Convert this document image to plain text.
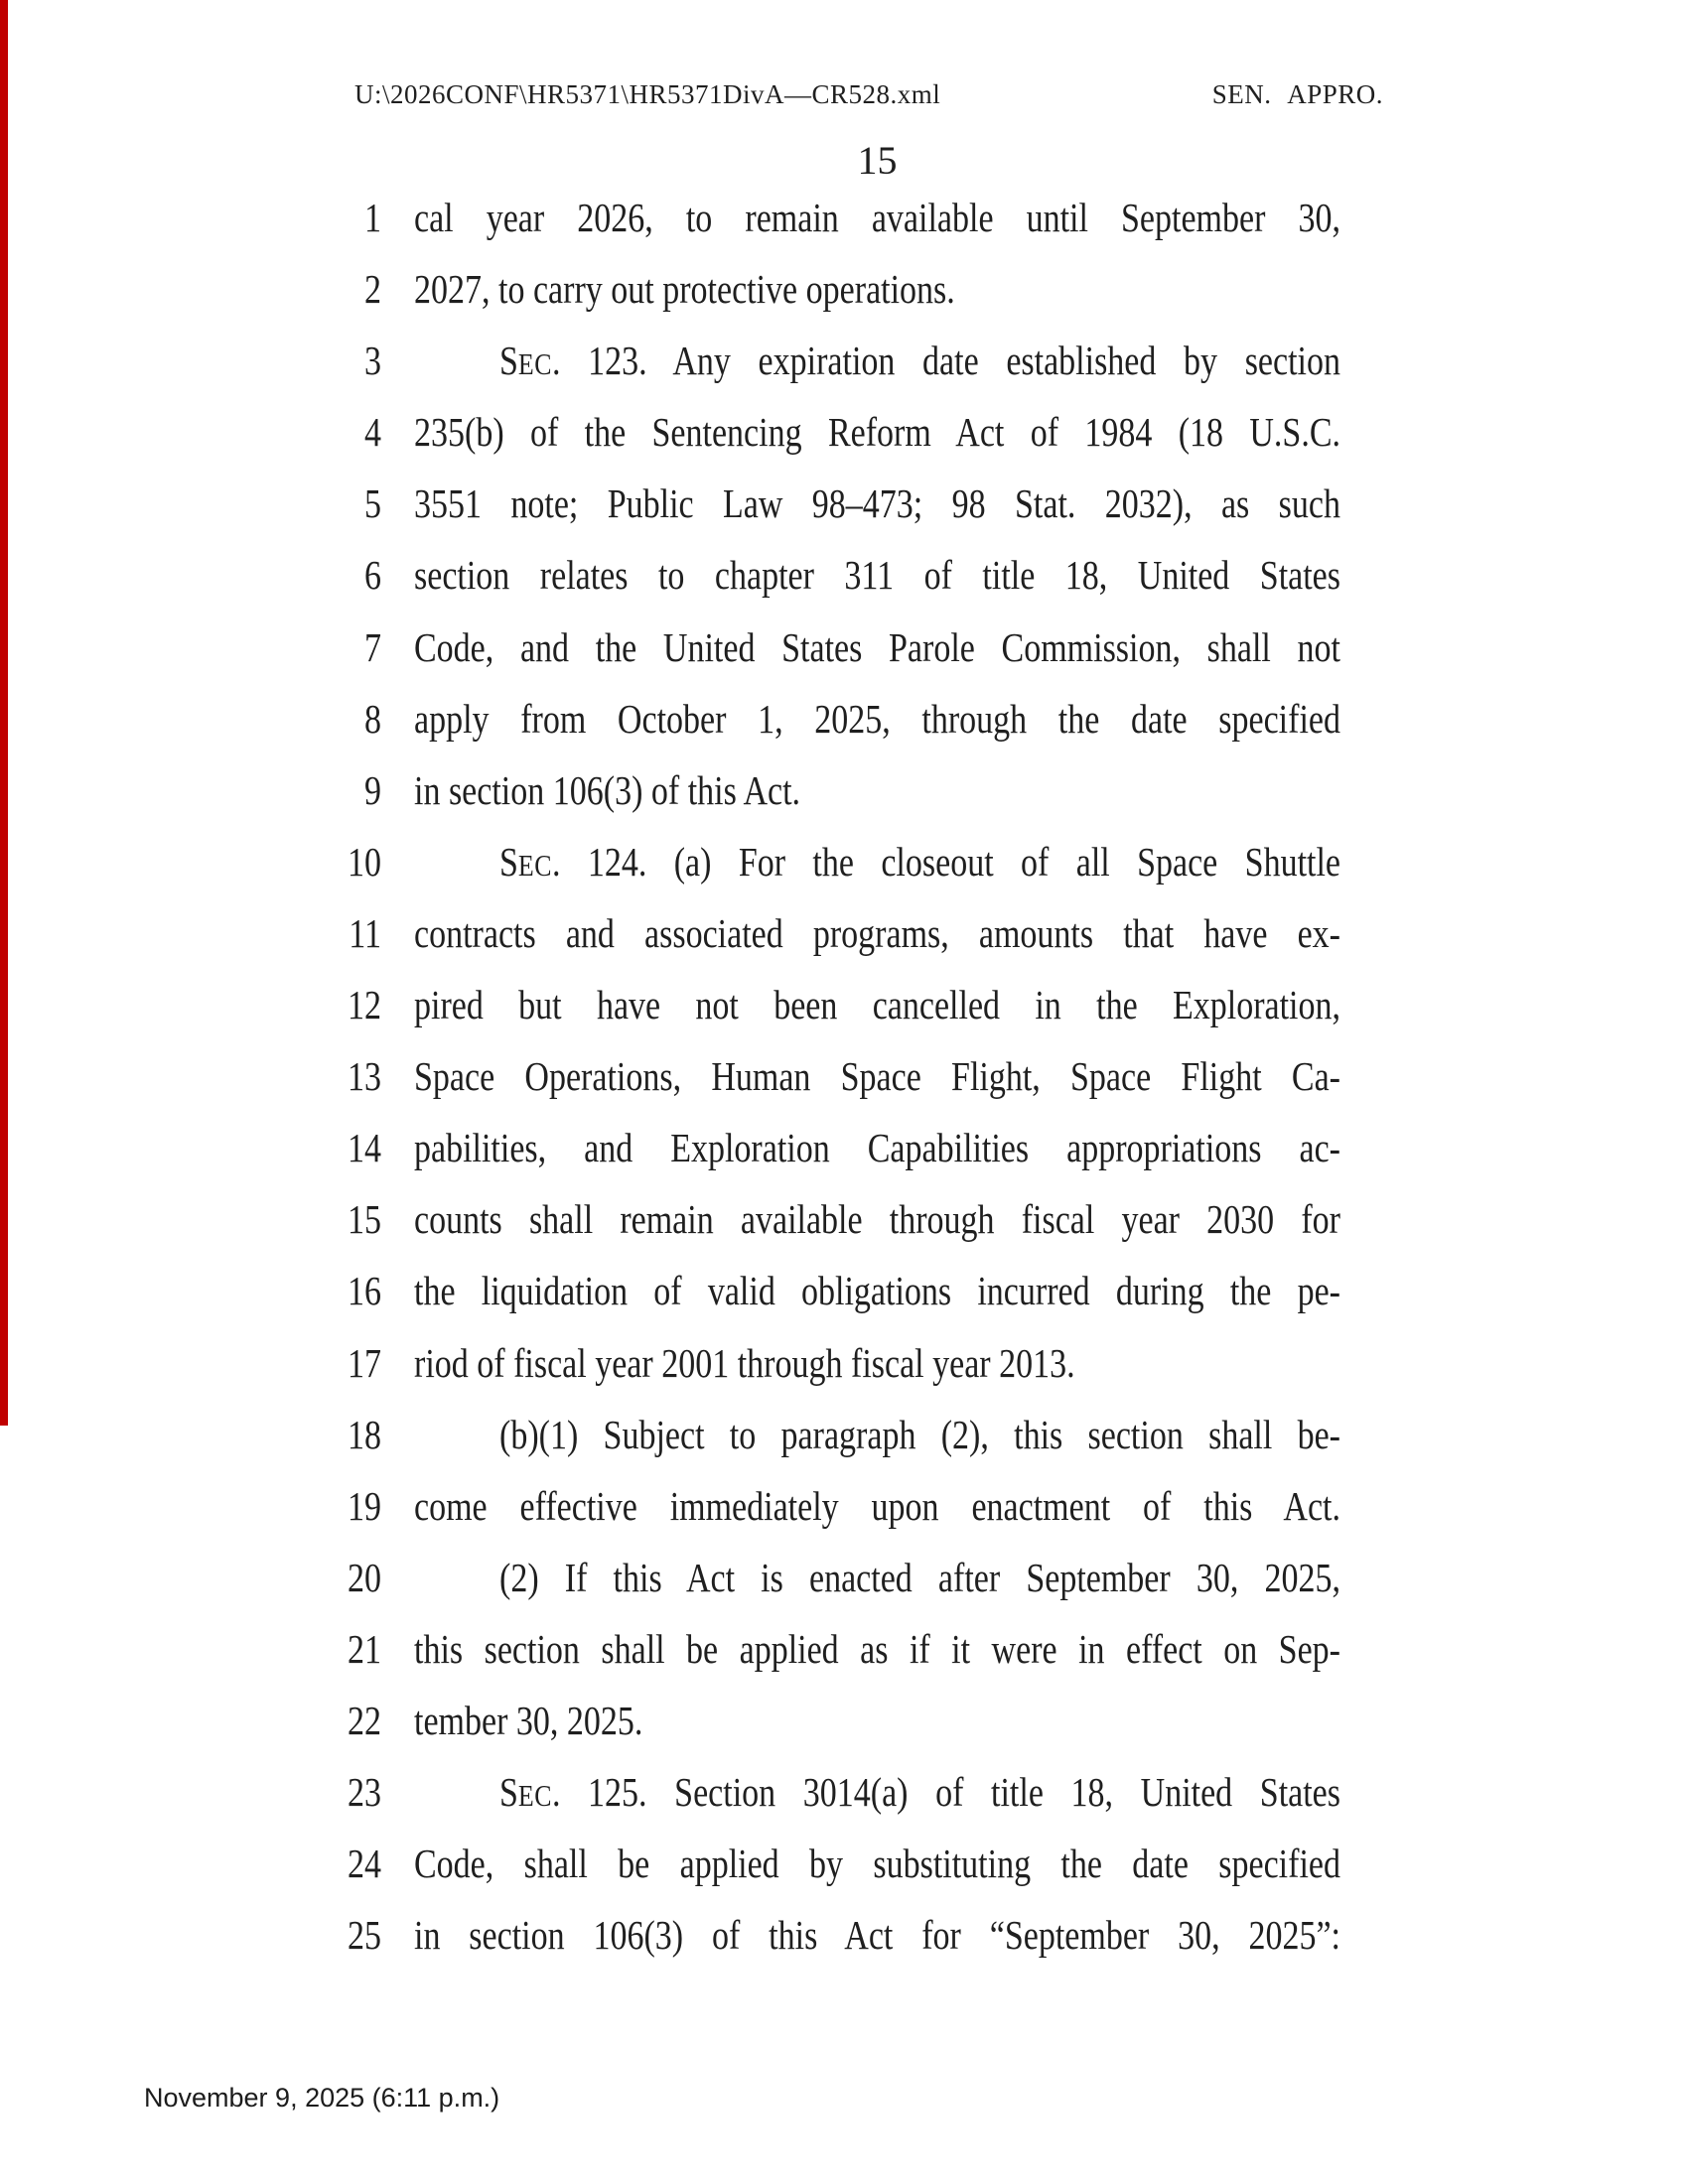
U:\2026CONF\HR5371\HR5371DivA—CR528.xml	SEN. APPRO.
15
1 cal year 2026, to remain available until September 30,
2 2027, to carry out protective operations.
3	SEC. 123. Any expiration date established by section
4 235(b) of the Sentencing Reform Act of 1984 (18 U.S.C.
5 3551 note; Public Law 98–473; 98 Stat. 2032), as such
6 section relates to chapter 311 of title 18, United States
7 Code, and the United States Parole Commission, shall not
8 apply from October 1, 2025, through the date specified
9 in section 106(3) of this Act.
10	SEC. 124. (a) For the closeout of all Space Shuttle
11 contracts and associated programs, amounts that have ex-
12 pired but have not been cancelled in the Exploration,
13 Space Operations, Human Space Flight, Space Flight Ca-
14 pabilities, and Exploration Capabilities appropriations ac-
15 counts shall remain available through fiscal year 2030 for
16 the liquidation of valid obligations incurred during the pe-
17 riod of fiscal year 2001 through fiscal year 2013.
18	(b)(1) Subject to paragraph (2), this section shall be-
19 come effective immediately upon enactment of this Act.
20	(2) If this Act is enacted after September 30, 2025,
21 this section shall be applied as if it were in effect on Sep-
22 tember 30, 2025.
23	SEC. 125. Section 3014(a) of title 18, United States
24 Code, shall be applied by substituting the date specified
25 in section 106(3) of this Act for “September 30, 2025”:
November 9, 2025 (6:11 p.m.)
